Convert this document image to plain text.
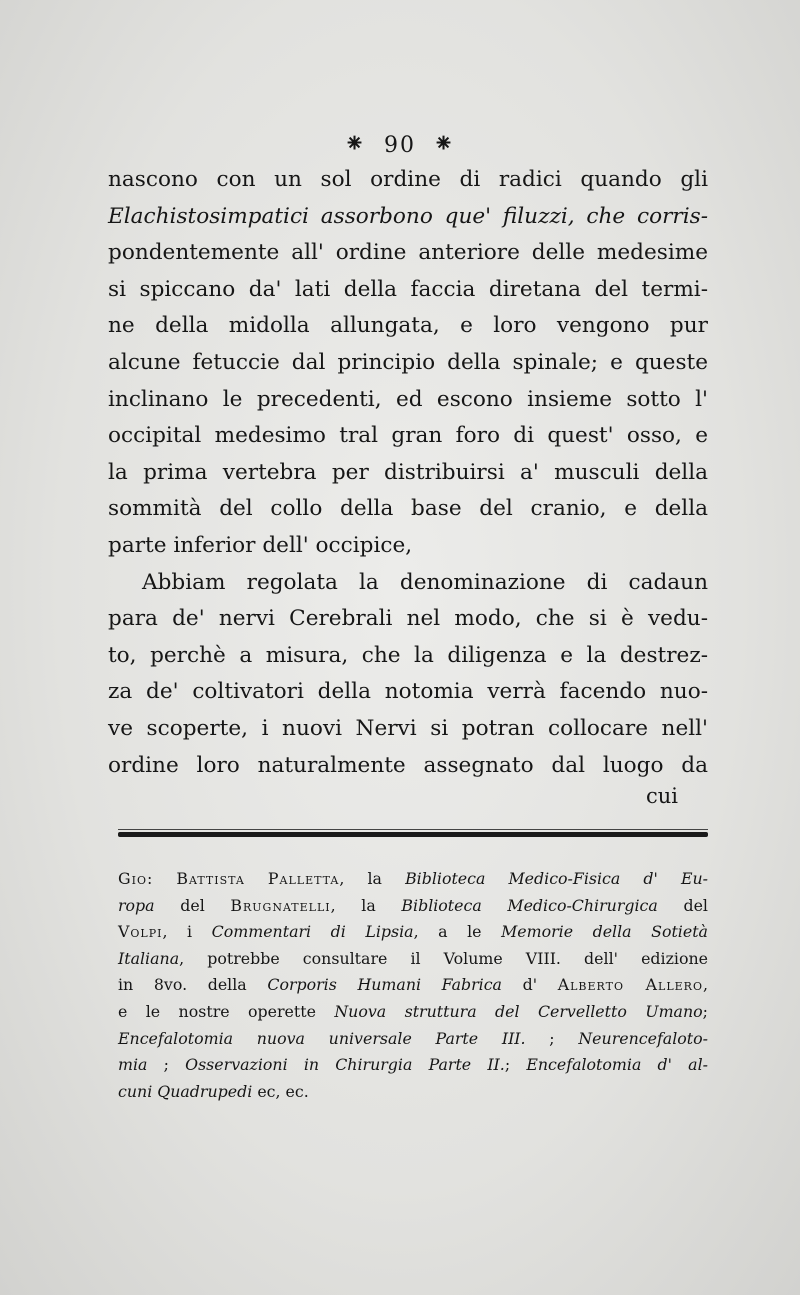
⁕ 90 ⁕
nascono con un sol ordine di radici quando gli
Elachistosimpatici assorbono que' filuzzi, che corris-
pondentemente all' ordine anteriore delle medesime
si spiccano da' lati della faccia diretana del termi-
ne della midolla allungata, e loro vengono pur
alcune fetuccie dal principio della spinale; e queste
inclinano le precedenti, ed escono insieme sotto l'
occipital medesimo tral gran foro di quest' osso, e
la prima vertebra per distribuirsi a' musculi della
sommità del collo della base del cranio, e della
parte inferior dell' occipice,
Abbiam regolata la denominazione di cadaun
para de' nervi Cerebrali nel modo, che si è vedu-
to, perchè a misura, che la diligenza e la destrez-
za de' coltivatori della notomia verrà facendo nuo-
ve scoperte, i nuovi Nervi si potran collocare nell'
ordine loro naturalmente assegnato dal luogo da
cui
Gio: Battista Palletta, la Biblioteca Medico-Fisica d' Eu-
ropa del Brugnatelli, la Biblioteca Medico-Chirurgica del
Volpi, i Commentari di Lipsia, a le Memorie della Sotietà
Italiana, potrebbe consultare il Volume VIII. dell' edizione
in 8vo. della Corporis Humani Fabrica d' Alberto Allero,
e le nostre operette Nuova struttura del Cervelletto Umano;
Encefalotomia nuova universale Parte III. ; Neurencefaloto-
mia ; Osservazioni in Chirurgia Parte II.; Encefalotomia d' al-
cuni Quadrupedi ec, ec.
